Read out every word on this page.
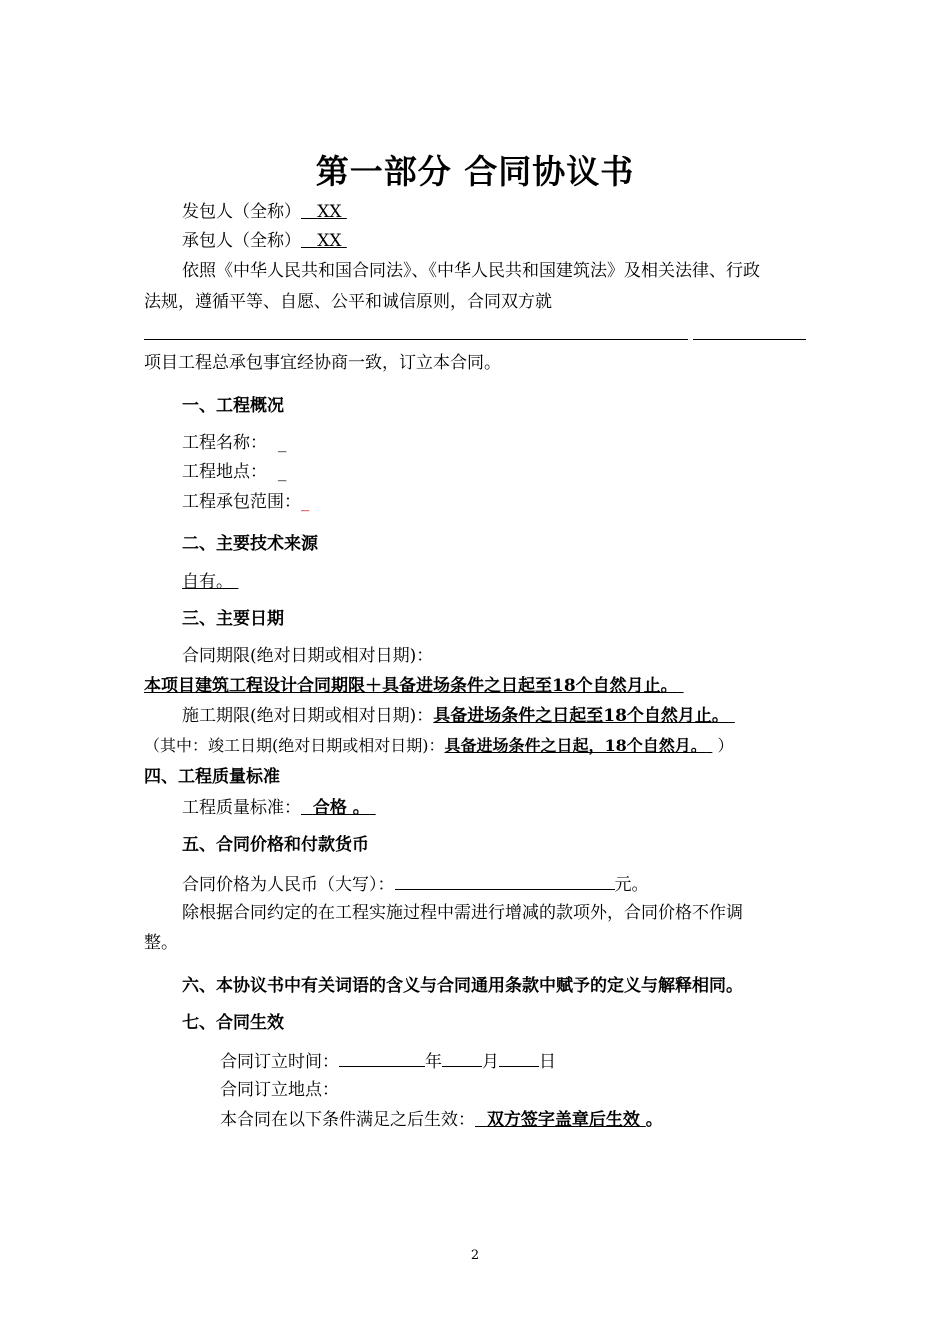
第一部分 合同协议书
发包人（全称） XX
承包人（全称） XX
依照《中华人民共和国合同法》、《中华人民共和国建筑法》及相关法律、行政
法规，遵循平等、自愿、公平和诚信原则，合同双方就
项目工程总承包事宜经协商一致，订立本合同。
一、工程概况
工程名称： _
工程地点： _
工程承包范围：_
二、主要技术来源
自有。
三、主要日期
合同期限(绝对日期或相对日期)：
本项目建筑工程设计合同期限＋具备进场条件之日起至18个自然月止。
施工期限(绝对日期或相对日期)：具备进场条件之日起至18个自然月止。
（其中：竣工日期(绝对日期或相对日期)：具备进场条件之日起，18个自然月。 ）
四、工程质量标准
工程质量标准： 合格 。
五、合同价格和付款货币
合同价格为人民币（大写）：	元。
除根据合同约定的在工程实施过程中需进行增减的款项外，合同价格不作调
整。
六、本协议书中有关词语的含义与合同通用条款中赋予的定义与解释相同。
七、合同生效
合同订立时间：	年 月 日
合同订立地点：
本合同在以下条件满足之后生效： 双方签字盖章后生效 。
2
